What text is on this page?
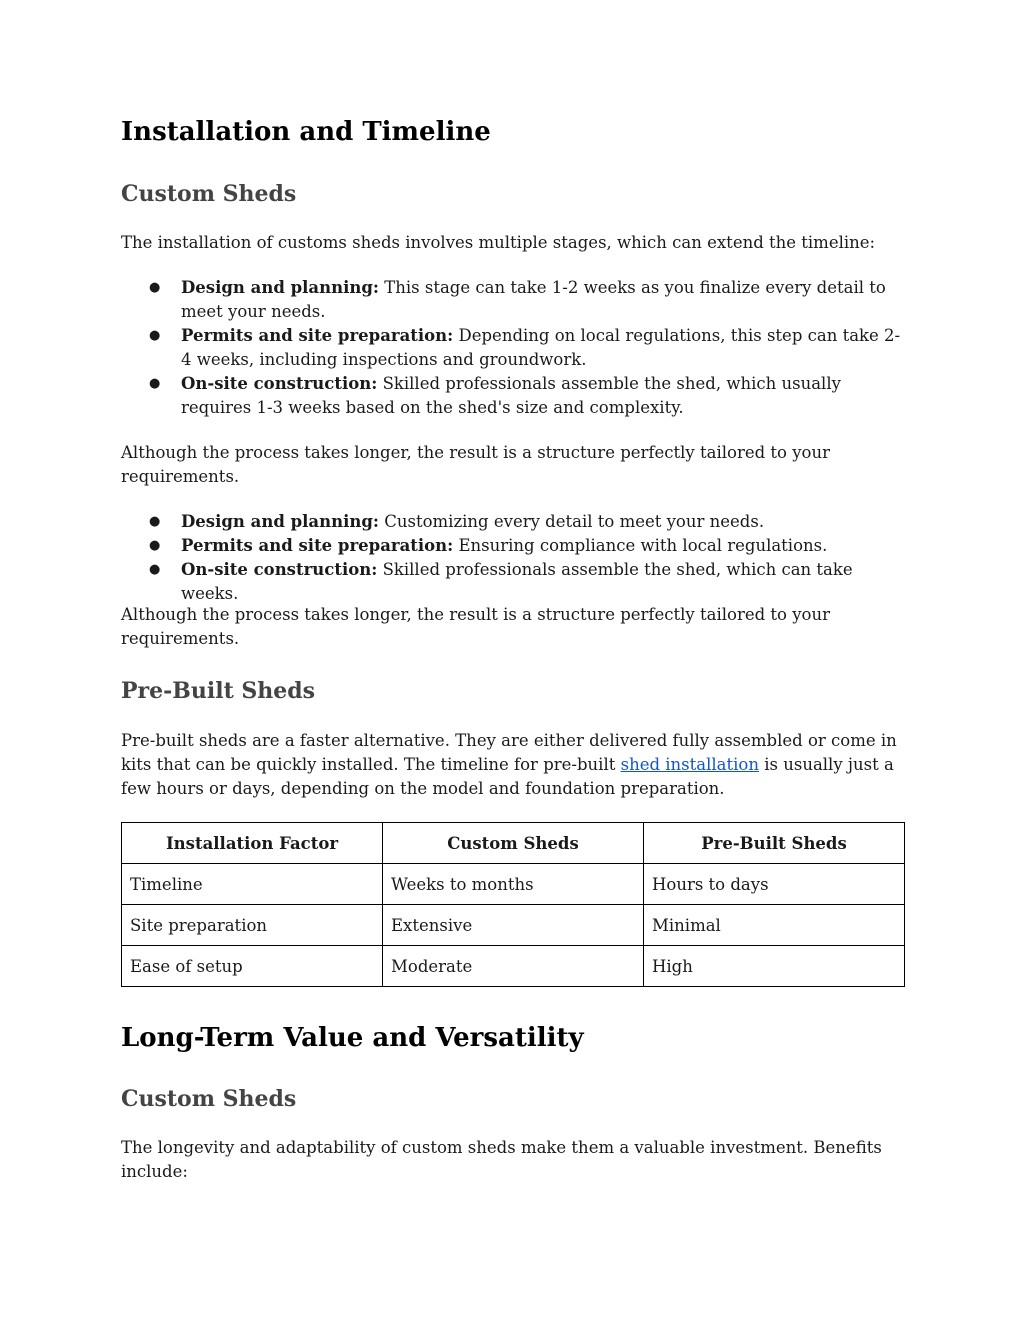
Installation and Timeline
Custom Sheds

The installation of customs sheds involves multiple stages, which can extend the timeline:

● Design and planning: This stage can take 1-2 weeks as you finalize every detail to meet your needs.
● Permits and site preparation: Depending on local regulations, this step can take 2-4 weeks, including inspections and groundwork.
● On-site construction: Skilled professionals assemble the shed, which usually requires 1-3 weeks based on the shed's size and complexity.

Although the process takes longer, the result is a structure perfectly tailored to your requirements.

● Design and planning: Customizing every detail to meet your needs.
● Permits and site preparation: Ensuring compliance with local regulations.
● On-site construction: Skilled professionals assemble the shed, which can take weeks.

Although the process takes longer, the result is a structure perfectly tailored to your requirements.

Pre-Built Sheds

Pre-built sheds are a faster alternative. They are either delivered fully assembled or come in kits that can be quickly installed. The timeline for pre-built shed installation is usually just a few hours or days, depending on the model and foundation preparation.

Installation Factor	Custom Sheds	Pre-Built Sheds
Timeline	Weeks to months	Hours to days
Site preparation	Extensive	Minimal
Ease of setup	Moderate	High
Long-Term Value and Versatility
Custom Sheds

The longevity and adaptability of custom sheds make them a valuable investment. Benefits include:
